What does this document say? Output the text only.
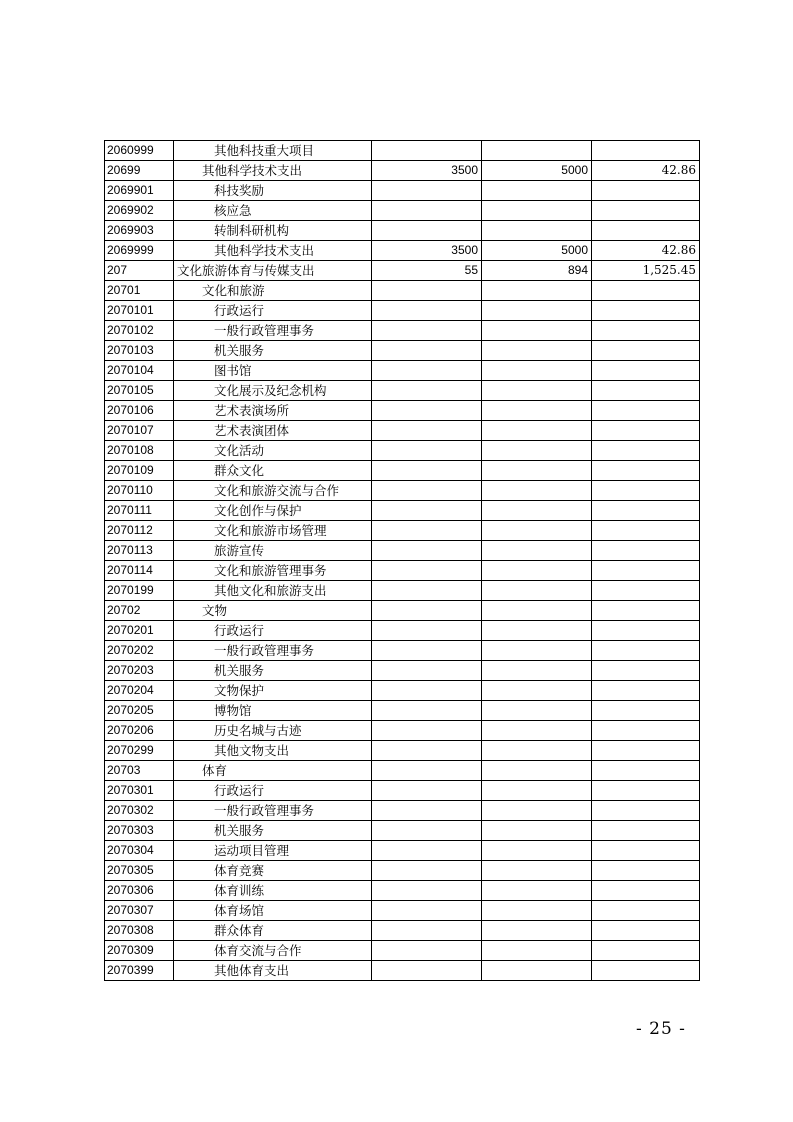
2060999	其他科技重大项目			
20699	其他科学技术支出	3500	5000	42.86
2069901	科技奖励			
2069902	核应急			
2069903	转制科研机构			
2069999	其他科学技术支出	3500	5000	42.86
207	文化旅游体育与传媒支出	55	894	1,525.45
20701	文化和旅游			
2070101	行政运行			
2070102	一般行政管理事务			
2070103	机关服务			
2070104	图书馆			
2070105	文化展示及纪念机构			
2070106	艺术表演场所			
2070107	艺术表演团体			
2070108	文化活动			
2070109	群众文化			
2070110	文化和旅游交流与合作			
2070111	文化创作与保护			
2070112	文化和旅游市场管理			
2070113	旅游宣传			
2070114	文化和旅游管理事务			
2070199	其他文化和旅游支出			
20702	文物			
2070201	行政运行			
2070202	一般行政管理事务			
2070203	机关服务			
2070204	文物保护			
2070205	博物馆			
2070206	历史名城与古迹			
2070299	其他文物支出			
20703	体育			
2070301	行政运行			
2070302	一般行政管理事务			
2070303	机关服务			
2070304	运动项目管理			
2070305	体育竞赛			
2070306	体育训练			
2070307	体育场馆			
2070308	群众体育			
2070309	体育交流与合作			
2070399	其他体育支出			
- 25 -
